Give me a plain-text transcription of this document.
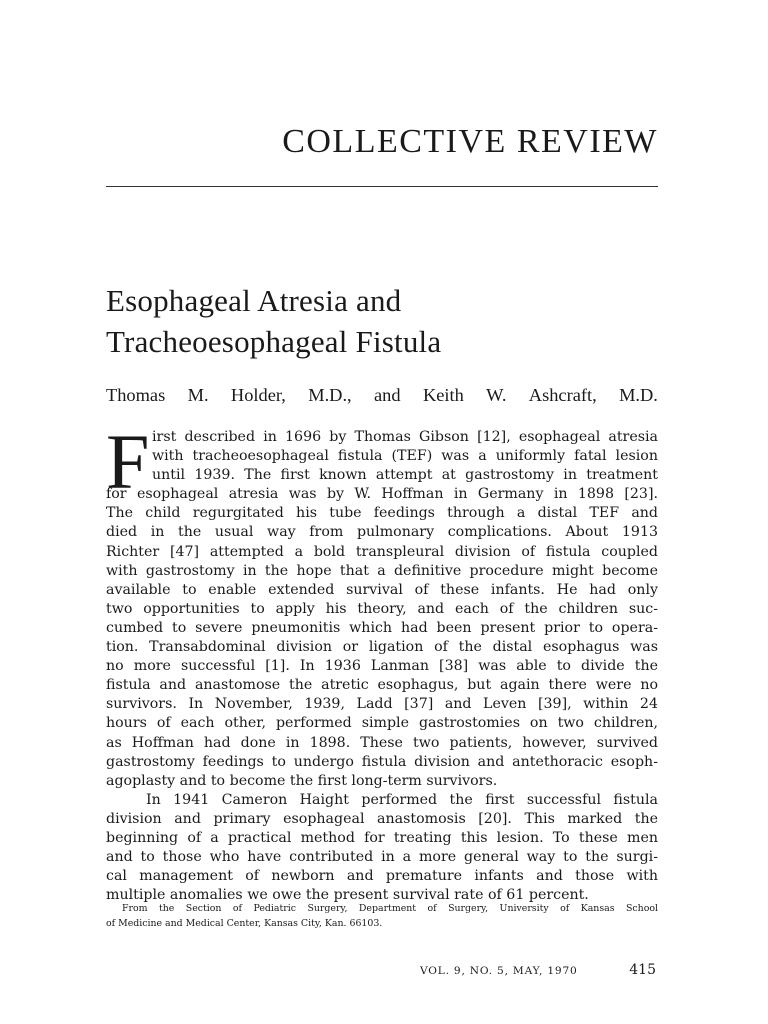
COLLECTIVE REVIEW
Esophageal Atresia and
Tracheoesophageal Fistula
Thomas M. Holder, M.D., and Keith W. Ashcraft, M.D.
F irst described in 1696 by Thomas Gibson [12], esophageal atresia
with tracheoesophageal fistula (TEF) was a uniformly fatal lesion
until 1939. The first known attempt at gastrostomy in treatment
for esophageal atresia was by W. Hoffman in Germany in 1898 [23].
The child regurgitated his tube feedings through a distal TEF and
died in the usual way from pulmonary complications. About 1913
Richter [47] attempted a bold transpleural division of fistula coupled
with gastrostomy in the hope that a definitive procedure might become
available to enable extended survival of these infants. He had only
two opportunities to apply his theory, and each of the children suc-
cumbed to severe pneumonitis which had been present prior to opera-
tion. Transabdominal division or ligation of the distal esophagus was
no more successful [1]. In 1936 Lanman [38] was able to divide the
fistula and anastomose the atretic esophagus, but again there were no
survivors. In November, 1939, Ladd [37] and Leven [39], within 24
hours of each other, performed simple gastrostomies on two children,
as Hoffman had done in 1898. These two patients, however, survived
gastrostomy feedings to undergo fistula division and antethoracic esoph-
agoplasty and to become the first long-term survivors.
In 1941 Cameron Haight performed the first successful fistula
division and primary esophageal anastomosis [20]. This marked the
beginning of a practical method for treating this lesion. To these men
and to those who have contributed in a more general way to the surgi-
cal management of newborn and premature infants and those with
multiple anomalies we owe the present survival rate of 61 percent.
From the Section of Pediatric Surgery, Department of Surgery, University of Kansas School
of Medicine and Medical Center, Kansas City, Kan. 66103.
VOL. 9, NO. 5, MAY, 1970	415
